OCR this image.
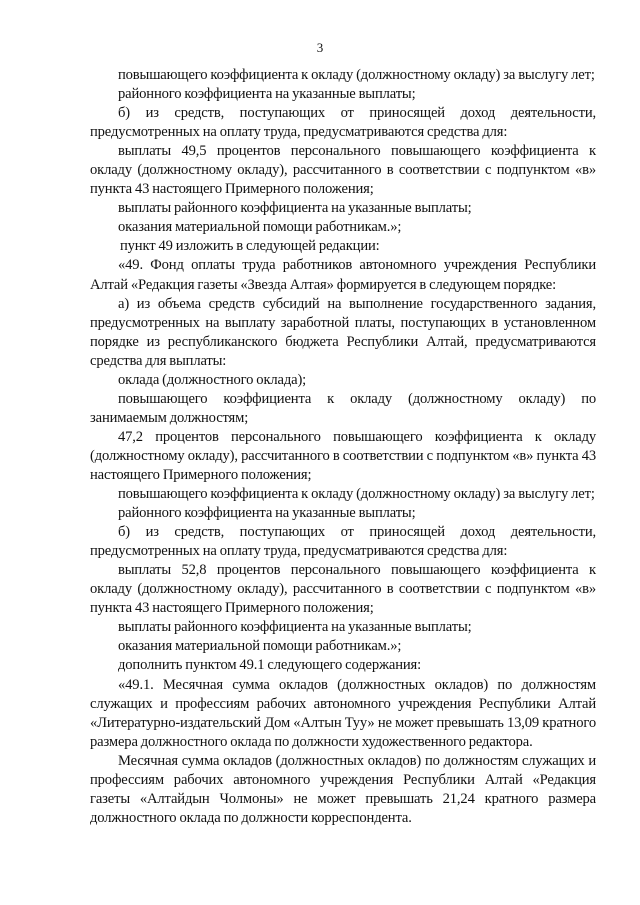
3

повышающего коэффициента к окладу (должностному окладу) за выслугу лет;

районного коэффициента на указанные выплаты;

б) из средств, поступающих от приносящей доход деятельности, предусмотренных на оплату труда, предусматриваются средства для:

выплаты 49,5 процентов персонального повышающего коэффициента к окладу (должностному окладу), рассчитанного в соответствии с подпунктом «в» пункта 43 настоящего Примерного положения;

выплаты районного коэффициента на указанные выплаты;

оказания материальной помощи работникам.»;

пункт 49 изложить в следующей редакции:

«49. Фонд оплаты труда работников автономного учреждения Республики Алтай «Редакция газеты «Звезда Алтая» формируется в следующем порядке:

а) из объема средств субсидий на выполнение государственного задания, предусмотренных на выплату заработной платы, поступающих в установленном порядке из республиканского бюджета Республики Алтай, предусматриваются средства для выплаты:

оклада (должностного оклада);

повышающего коэффициента к окладу (должностному окладу) по занимаемым должностям;

47,2 процентов персонального повышающего коэффициента к окладу (должностному окладу), рассчитанного в соответствии с подпунктом «в» пункта 43 настоящего Примерного положения;

повышающего коэффициента к окладу (должностному окладу) за выслугу лет;

районного коэффициента на указанные выплаты;

б) из средств, поступающих от приносящей доход деятельности, предусмотренных на оплату труда, предусматриваются средства для:

выплаты 52,8 процентов персонального повышающего коэффициента к окладу (должностному окладу), рассчитанного в соответствии с подпунктом «в» пункта 43 настоящего Примерного положения;

выплаты районного коэффициента на указанные выплаты;

оказания материальной помощи работникам.»;

дополнить пунктом 49.1 следующего содержания:

«49.1. Месячная сумма окладов (должностных окладов) по должностям служащих и профессиям рабочих автономного учреждения Республики Алтай «Литературно-издательский Дом «Алтын Туу» не может превышать 13,09 кратного размера должностного оклада по должности художественного редактора.

Месячная сумма окладов (должностных окладов) по должностям служащих и профессиям рабочих автономного учреждения Республики Алтай «Редакция газеты «Алтайдын Чолмоны» не может превышать 21,24 кратного размера должностного оклада по должности корреспондента.
